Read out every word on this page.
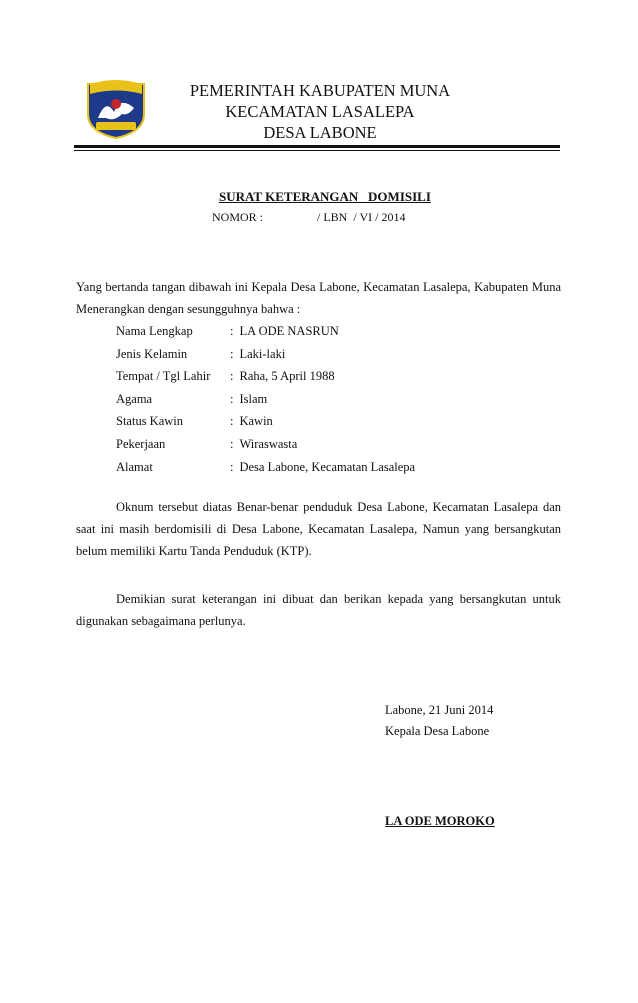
PEMERINTAH KABUPATEN MUNA
KECAMATAN LASALEPA
DESA LABONE
SURAT KETERANGAN   DOMISILI
NOMOR :                  / LBN  / VI / 2014
Yang bertanda tangan dibawah ini Kepala Desa Labone, Kecamatan Lasalepa, Kabupaten Muna Menerangkan dengan sesungguhnya bahwa :
Nama Lengkap	: LA ODE NASRUN
Jenis Kelamin	: Laki-laki
Tempat / Tgl Lahir : Raha, 5 April 1988
Agama	: Islam
Status Kawin	: Kawin
Pekerjaan	: Wiraswasta
Alamat	: Desa Labone, Kecamatan Lasalepa
Oknum tersebut diatas Benar-benar penduduk Desa Labone, Kecamatan Lasalepa dan saat ini masih berdomisili di Desa Labone, Kecamatan Lasalepa, Namun yang bersangkutan belum memiliki Kartu Tanda Penduduk (KTP).
Demikian surat keterangan ini dibuat dan berikan kepada yang bersangkutan untuk digunakan sebagaimana perlunya.
Labone, 21 Juni 2014
Kepala Desa Labone
LA ODE MOROKO
